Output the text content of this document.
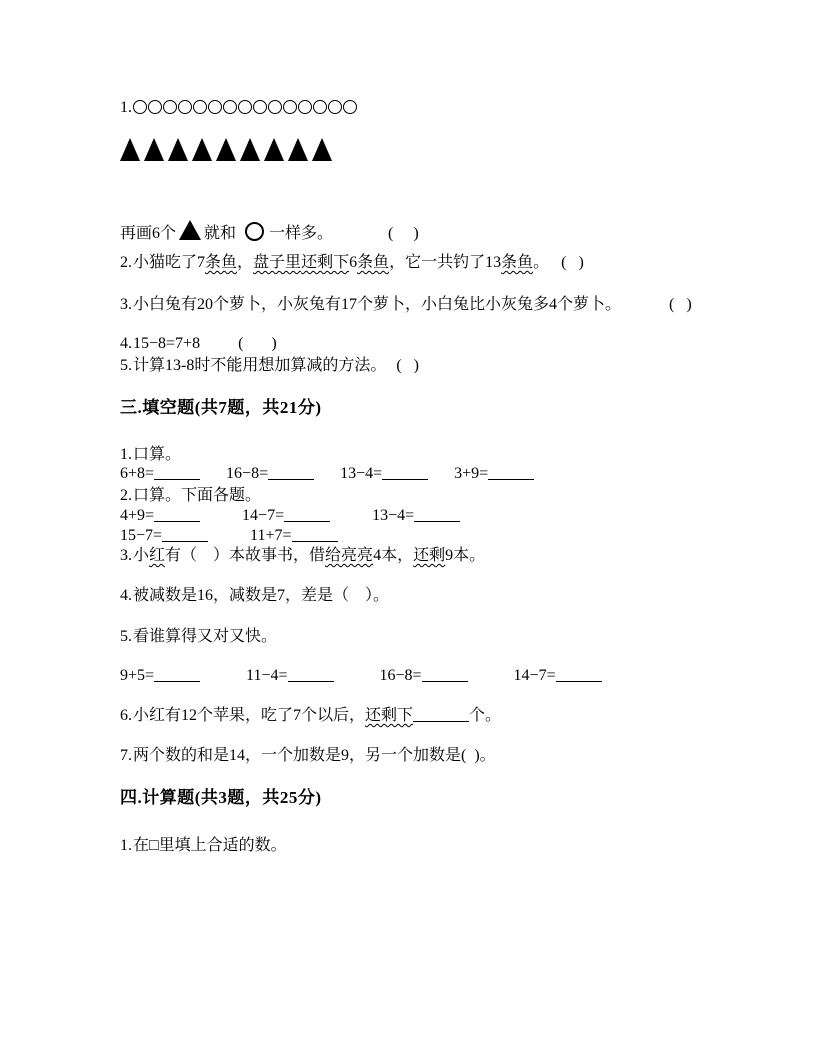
1.
再画6个 就和 一样多。	(     )
2.小猫吃了7条鱼，盘子里还剩下6条鱼，它一共钓了13条鱼。 (   )
3.小白兔有20个萝卜，小灰兔有17个萝卜，小白兔比小灰兔多4个萝卜。	(   )
4.15−8=7+8 (       )
5.计算13-8时不能用想加算减的方法。 (   )
三.填空题(共7题，共21分)
1.口算。
6+8=	16−8=	13−4=	3+9=
2.口算。下面各题。
4+9=	14−7=	13−4=
15−7=	11+7=
3.小红有（　）本故事书，借给亮亮4本，还剩9本。
4.被减数是16，减数是7，差是（　）。
5.看谁算得又对又快。
9+5=	11−4=	16−8=	14−7=
6.小红有12个苹果，吃了7个以后，还剩下	个。
7.两个数的和是14，一个加数是9，另一个加数是(  )。
四.计算题(共3题，共25分)
1.在□里填上合适的数。
